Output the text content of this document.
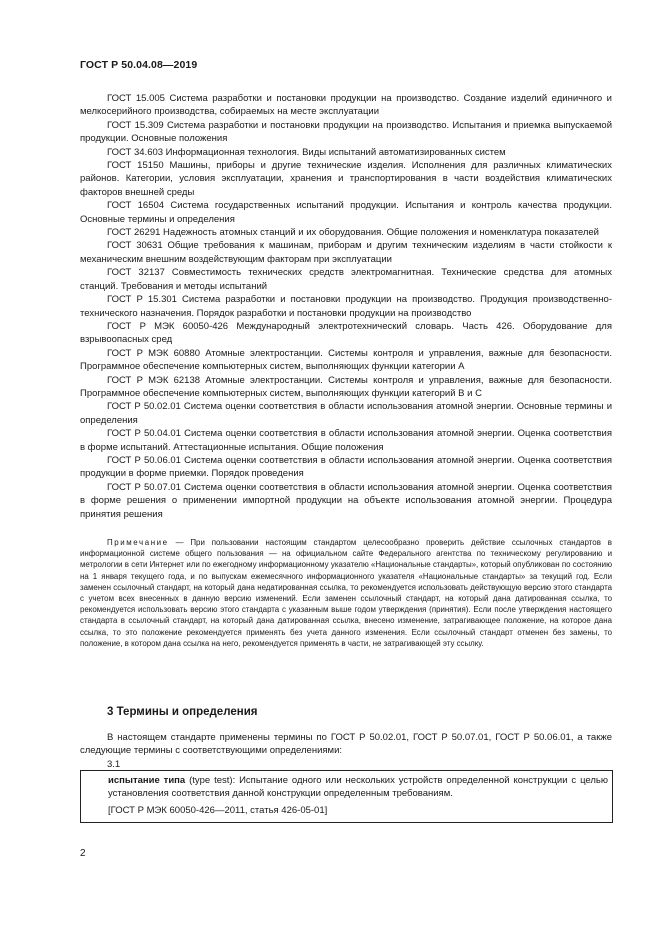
ГОСТ Р 50.04.08—2019

ГОСТ 15.005 Система разработки и постановки продукции на производство. Создание изделий единичного и мелкосерийного производства, собираемых на месте эксплуатации

ГОСТ 15.309 Система разработки и постановки продукции на производство. Испытания и приемка выпускаемой продукции. Основные положения

ГОСТ 34.603 Информационная технология. Виды испытаний автоматизированных систем

ГОСТ 15150 Машины, приборы и другие технические изделия. Исполнения для различных климатических районов. Категории, условия эксплуатации, хранения и транспортирования в части воздействия климатических факторов внешней среды

ГОСТ 16504 Система государственных испытаний продукции. Испытания и контроль качества продукции. Основные термины и определения

ГОСТ 26291 Надежность атомных станций и их оборудования. Общие положения и номенклатура показателей

ГОСТ 30631 Общие требования к машинам, приборам и другим техническим изделиям в части стойкости к механическим внешним воздействующим факторам при эксплуатации

ГОСТ 32137 Совместимость технических средств электромагнитная. Технические средства для атомных станций. Требования и методы испытаний

ГОСТ Р 15.301 Система разработки и постановки продукции на производство. Продукция производственно-технического назначения. Порядок разработки и постановки продукции на производство

ГОСТ Р МЭК 60050-426 Международный электротехнический словарь. Часть 426. Оборудование для взрывоопасных сред

ГОСТ Р МЭК 60880 Атомные электростанции. Системы контроля и управления, важные для безопасности. Программное обеспечение компьютерных систем, выполняющих функции категории А

ГОСТ Р МЭК 62138 Атомные электростанции. Системы контроля и управления, важные для безопасности. Программное обеспечение компьютерных систем, выполняющих функции категорий В и С

ГОСТ Р 50.02.01 Система оценки соответствия в области использования атомной энергии. Основные термины и определения

ГОСТ Р 50.04.01 Система оценки соответствия в области использования атомной энергии. Оценка соответствия в форме испытаний. Аттестационные испытания. Общие положения

ГОСТ Р 50.06.01 Система оценки соответствия в области использования атомной энергии. Оценка соответствия продукции в форме приемки. Порядок проведения

ГОСТ Р 50.07.01 Система оценки соответствия в области использования атомной энергии. Оценка соответствия в форме решения о применении импортной продукции на объекте использования атомной энергии. Процедура принятия решения

Примечание — При пользовании настоящим стандартом целесообразно проверить действие ссылочных стандартов в информационной системе общего пользования — на официальном сайте Федерального агентства по техническому регулированию и метрологии в сети Интернет или по ежегодному информационному указателю «Национальные стандарты», который опубликован по состоянию на 1 января текущего года, и по выпускам ежемесячного информационного указателя «Национальные стандарты» за текущий год. Если заменен ссылочный стандарт, на который дана недатированная ссылка, то рекомендуется использовать действующую версию этого стандарта с учетом всех внесенных в данную версию изменений. Если заменен ссылочный стандарт, на который дана датированная ссылка, то рекомендуется использовать версию этого стандарта с указанным выше годом утверждения (принятия). Если после утверждения настоящего стандарта в ссылочный стандарт, на который дана датированная ссылка, внесено изменение, затрагивающее положение, на которое дана ссылка, то это положение рекомендуется применять без учета данного изменения. Если ссылочный стандарт отменен без замены, то положение, в котором дана ссылка на него, рекомендуется применять в части, не затрагивающей эту ссылку.
3 Термины и определения
В настоящем стандарте применены термины по ГОСТ Р 50.02.01, ГОСТ Р 50.07.01, ГОСТ Р 50.06.01, а также следующие термины с соответствующими определениями:
3.1
испытание типа (type test): Испытание одного или нескольких устройств определенной конструкции с целью установления соответствия данной конструкции определенным требованиям.
[ГОСТ Р МЭК 60050-426—2011, статья 426-05-01]
2
